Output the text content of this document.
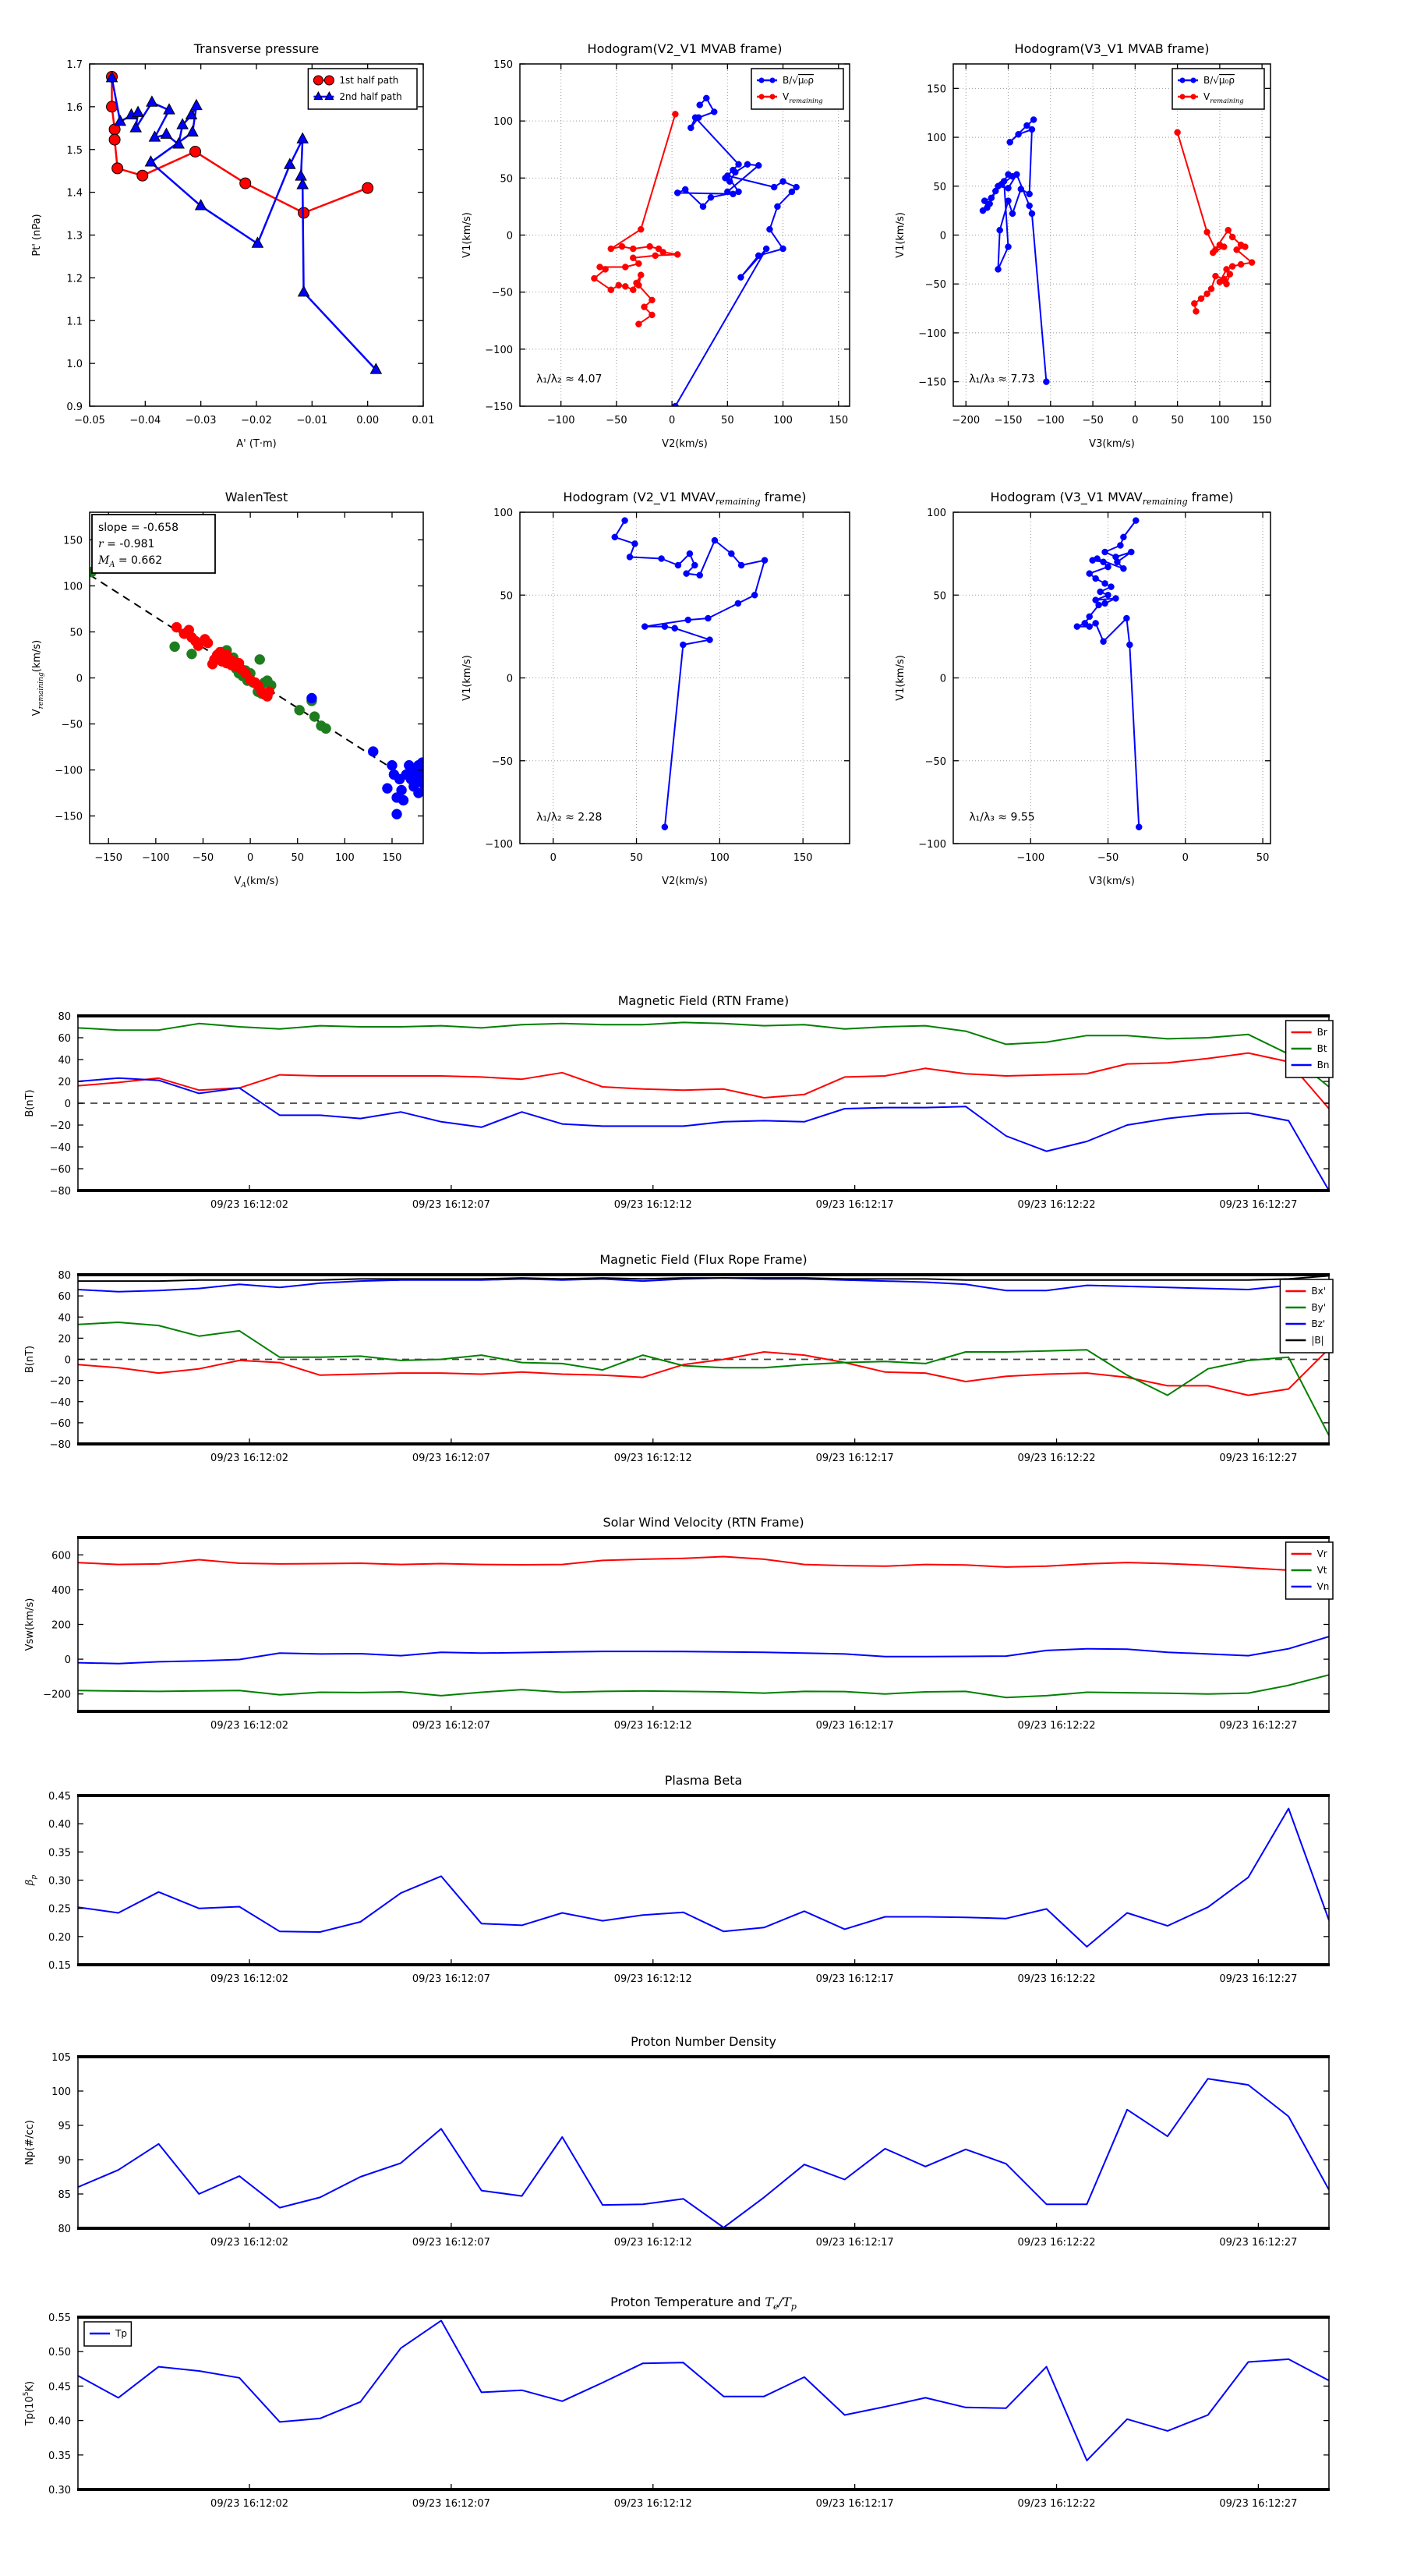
−0.05 −0.04 −0.03 −0.02 −0.01	0.00	0.01
0.9
1.0
1.1
1.2
1.3
1.4
1.5
1.6
1.7
Transverse pressure
A' (T·m)
Pt' (nPa)
1st half path
2nd half path
−100	−50	0	50	100	150
−150
−100
−50
0
50
100
150
Hodogram(V2_V1 MVAB frame)
V2(km/s)
V1(km/s)
λ₁/λ₂ ≈ 4.07
B/√μ₀ρ
$V_{remaining}$
−200 −150 −100 −50	0	50	100 150
−150
−100
−50
0
50
100
150
Hodogram(V3_V1 MVAB frame)
V3(km/s)
V1(km/s)
λ₁/λ₃ ≈ 7.73
B/√μ₀ρ
$V_{remaining}$
−150 −100 −50	0	50	100	150
−150
−100
−50
0
50
100
150
WalenTest
$V_A(km/s)$
$V_{remaining}(km/s)$
slope = -0.658
r = -0.981
$M_A = 0.662$
0	50	100	150
−100
−50
0
50
100
Hodogram (V2_V1 $MVAV_{remaining}$ frame)
V2(km/s)
V1(km/s)
λ₁/λ₂ ≈ 2.28
−100	−50	0	50
−100
−50
0
50
100
Hodogram (V3_V1 $MVAV_{remaining}$ frame)
V3(km/s)
V1(km/s)
λ₁/λ₃ ≈ 9.55
09/23 16:12:02	09/23 16:12:07	09/23 16:12:12	09/23 16:12:17	09/23 16:12:22	09/23 16:12:27
−80
−60
−40
−20
0
20
40
60
80
Magnetic Field (RTN Frame)
B(nT)
Br
Bt
Bn
09/23 16:12:02	09/23 16:12:07	09/23 16:12:12	09/23 16:12:17	09/23 16:12:22	09/23 16:12:27
−80
−60
−40
−20
0
20
40
60
80
Magnetic Field (Flux Rope Frame)
B(nT)
Bx'
By'
Bz'
|B|
09/23 16:12:02	09/23 16:12:07	09/23 16:12:12	09/23 16:12:17	09/23 16:12:22	09/23 16:12:27
−200
0
200
400
600
Solar Wind Velocity (RTN Frame)
Vsw(km/s)
Vr
Vt
Vn
09/23 16:12:02	09/23 16:12:07	09/23 16:12:12	09/23 16:12:17	09/23 16:12:22	09/23 16:12:27
0.15
0.20
0.25
0.30
0.35
0.40
0.45
Plasma Beta
$\beta_p$
09/23 16:12:02	09/23 16:12:07	09/23 16:12:12	09/23 16:12:17	09/23 16:12:22	09/23 16:12:27
80
85
90
95
100
105
Proton Number Density
Np(#/cc)
09/23 16:12:02	09/23 16:12:07	09/23 16:12:12	09/23 16:12:17	09/23 16:12:22	09/23 16:12:27
0.30
0.35
0.40
0.45
0.50
0.55
Proton Temperature and $T_e/T_p$
$Tp(10^5K)$
Tp
